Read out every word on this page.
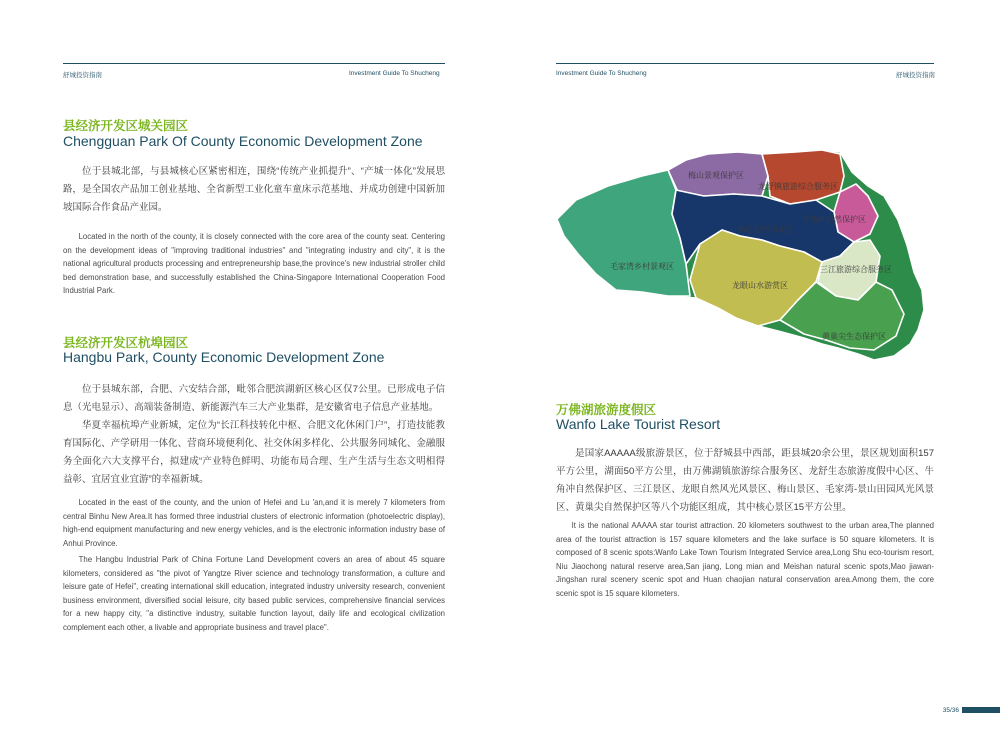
舒城投资指南	Investment Guide To Shucheng
县经济开发区城关园区
Chengguan Park Of County Economic Development Zone

位于县城北部，与县城核心区紧密相连，围绕“传统产业抓提升”、“产城一体化”发展思路，是全国农产品加工创业基地、全省新型工业化童车童床示范基地、并成功创建中国新加坡国际合作食品产业园。

Located in the north of the county, it is closely connected with the core area of the county seat. Centering on the development ideas of "improving traditional industries" and "integrating industry and city", it is the national agricultural products processing and entrepreneurship base,the province's new industrial stroller child bed demonstration base, and successfully established the China-Singapore International Cooperation Food Industrial Park.

县经济开发区杭埠园区
Hangbu Park, County Economic Development Zone

位于县城东部，合肥、六安结合部，毗邻合肥滨湖新区核心区仅7公里。已形成电子信息（光电显示）、高端装备制造、新能源汽车三大产业集群，是安徽省电子信息产业基地。

华夏幸福杭埠产业新城，定位为“长江科技转化中枢、合肥文化休闲门户”，打造技能教育国际化、产学研用一体化、营商环境便利化、社交休闲多样化、公共服务同城化、金融服务全面化六大支撑平台，拟建成“产业特色鲜明、功能布局合理、生产生活与生态文明相得益彰、宜居宜业宜游”的幸福新城。

Located in the east of the county, and the union of Hefei and Lu 'an,and it is merely 7 kilometers from central Binhu New Area.It has formed three industrial clusters of electronic information (photoelectric display), high-end equipment manufacturing and new energy vehicles, and is the electronic information industry base of Anhui Province.

The Hangbu Industrial Park of China Fortune Land Development covers an area of about 45 square kilometers, considered as "the pivot of Yangtze River science and technology transformation, a culture and leisure gate of Hefei", creating international skill education, integrated industry university research, convenient business environment, diversified social leisure, city based public services, comprehensive financial services for a new happy city, "a distinctive industry, suitable function layout, daily life and ecological civilization complement each other, a livable and appropriate business and travel place".

Investment Guide To Shucheng	舒城投资指南
梅山景观保护区
龙舒镇旅游综合服务区
牛角冲自然保护区
核心自然风光区
毛家湾乡村景观区	三江旅游综合服务区
龙眼山水游赏区
黄巢尖生态保护区
万佛湖旅游度假区
Wanfo Lake Tourist Resort

是国家AAAAA级旅游景区，位于舒城县中西部，距县城20余公里，景区规划面积157平方公里，湖面50平方公里，由万佛湖镇旅游综合服务区、龙舒生态旅游度假中心区、牛角冲自然保护区、三江景区、龙眼自然风光风景区、梅山景区、毛家湾-景山田园风光风景区、黄巢尖自然保护区等八个功能区组成，其中核心景区15平方公里。

It is the national AAAAA star tourist attraction. 20 kilometers southwest to the urban area,The planned area of the tourist attraction is 157 square kilometers and the lake surface is 50 square kilometers. It is composed of 8 scenic spots:Wanfo Lake Town Tourism Integrated Service area,Long Shu eco-tourism resort, Niu Jiaochong natural reserve area,San jiang, Long mian and Meishan natural scenic spots,Mao jiawan-Jingshan rural scenery scenic spot and Huan chaojian natural conservation area.Among them, the core scenic spot is 15 square kilometers.

35/36
